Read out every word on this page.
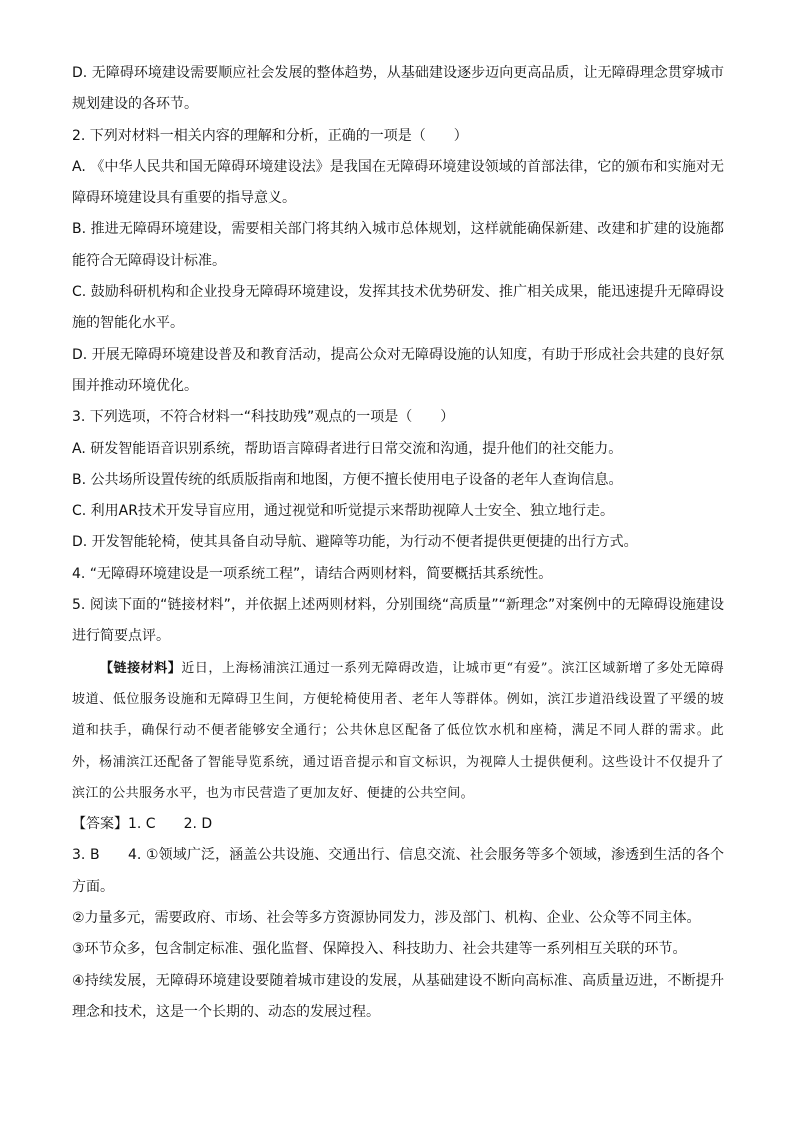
D. 无障碍环境建设需要顺应社会发展的整体趋势，从基础建设逐步迈向更高品质，让无障碍理念贯穿城市规划建设的各环节。

2. 下列对材料一相关内容的理解和分析，正确的一项是（　　）

A. 《中华人民共和国无障碍环境建设法》是我国在无障碍环境建设领域的首部法律，它的颁布和实施对无障碍环境建设具有重要的指导意义。

B. 推进无障碍环境建设，需要相关部门将其纳入城市总体规划，这样就能确保新建、改建和扩建的设施都能符合无障碍设计标准。

C. 鼓励科研机构和企业投身无障碍环境建设，发挥其技术优势研发、推广相关成果，能迅速提升无障碍设施的智能化水平。

D. 开展无障碍环境建设普及和教育活动，提高公众对无障碍设施的认知度，有助于形成社会共建的良好氛围并推动环境优化。

3. 下列选项，不符合材料一“科技助残”观点的一项是（　　）

A. 研发智能语音识别系统，帮助语言障碍者进行日常交流和沟通，提升他们的社交能力。

B. 公共场所设置传统的纸质版指南和地图，方便不擅长使用电子设备的老年人查询信息。

C. 利用AR技术开发导盲应用，通过视觉和听觉提示来帮助视障人士安全、独立地行走。

D. 开发智能轮椅，使其具备自动导航、避障等功能，为行动不便者提供更便捷的出行方式。

4. “无障碍环境建设是一项系统工程”，请结合两则材料，简要概括其系统性。

5. 阅读下面的“链接材料”，并依据上述两则材料，分别围绕“高质量”“新理念”对案例中的无障碍设施建设进行简要点评。

【链接材料】近日，上海杨浦滨江通过一系列无障碍改造，让城市更“有爱”。滨江区域新增了多处无障碍坡道、低位服务设施和无障碍卫生间，方便轮椅使用者、老年人等群体。例如，滨江步道沿线设置了平缓的坡道和扶手，确保行动不便者能够安全通行；公共休息区配备了低位饮水机和座椅，满足不同人群的需求。此外，杨浦滨江还配备了智能导览系统，通过语音提示和盲文标识，为视障人士提供便利。这些设计不仅提升了滨江的公共服务水平，也为市民营造了更加友好、便捷的公共空间。

【答案】1. C　　2. D

3. B　　4. ①领域广泛，涵盖公共设施、交通出行、信息交流、社会服务等多个领域，渗透到生活的各个方面。

②力量多元，需要政府、市场、社会等多方资源协同发力，涉及部门、机构、企业、公众等不同主体。

③环节众多，包含制定标准、强化监督、保障投入、科技助力、社会共建等一系列相互关联的环节。

④持续发展，无障碍环境建设要随着城市建设的发展，从基础建设不断向高标准、高质量迈进，不断提升理念和技术，这是一个长期的、动态的发展过程。
